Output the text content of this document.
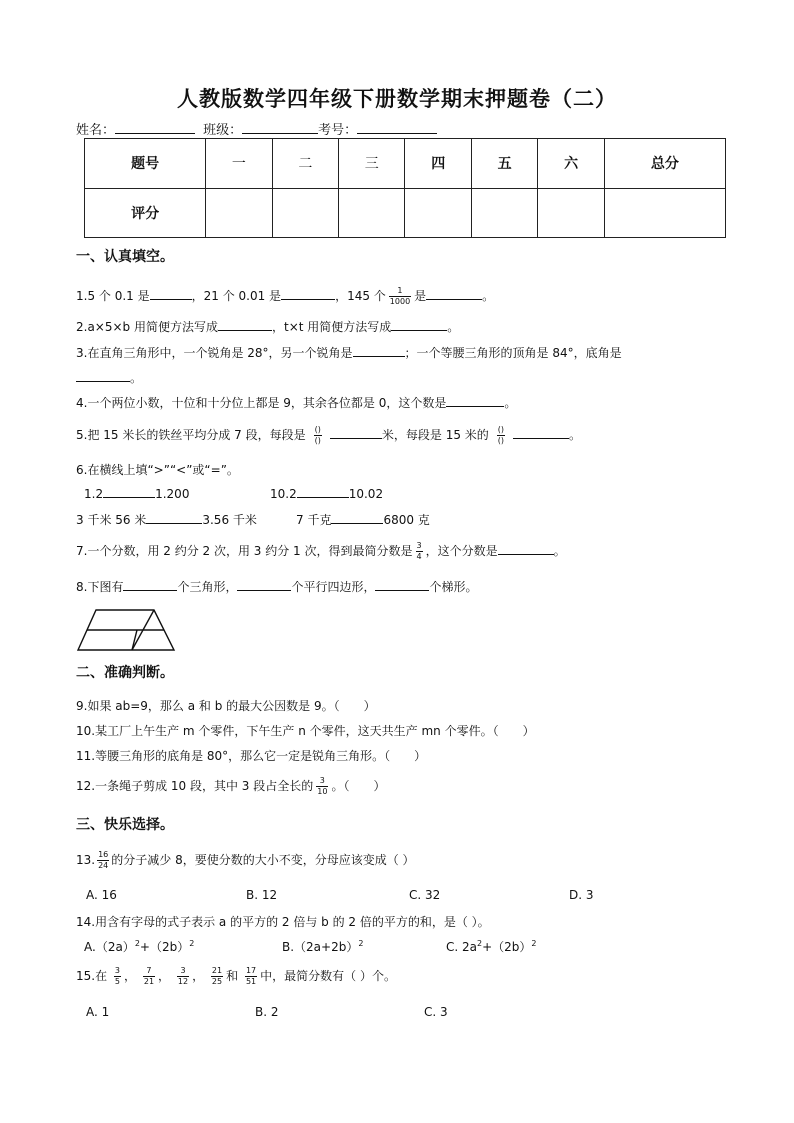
人教版数学四年级下册数学期末押题卷（二）
姓名：	班级：	考号：
题号	一	二	三	四	五	六	总分
评分							
一、认真填空。
1.5 个 0.1 是	，21 个 0.01 是	，145 个 $\frac{1}{1000}$ 是	。
2.a×5×b 用简便方法写成	，t×t 用简便方法写成	。
3.在直角三角形中，一个锐角是 28°，另一个锐角是	；一个等腰三角形的顶角是 84°，底角是
。
4.一个两位小数，十位和十分位上都是 9，其余各位都是 0，这个数是	。
5.把 15 米长的铁丝平均分成 7 段，每段是 $\frac{()}{()}$	米，每段是 15 米的 $\frac{()}{()}$	。
6.在横线上填“>”“<”或“=”。
1.2	1.200	10.2	10.02
3 千米 56 米	3.56 千米	7 千克	6800 克
7.一个分数，用 2 约分 2 次，用 3 约分 1 次，得到最简分数是 $\frac{3}{4}$ ，这个分数是	。
8.下图有	个三角形，	个平行四边形，	个梯形。
二、准确判断。
9.如果 ab=9，那么 a 和 b 的最大公因数是 9。（　　）
10.某工厂上午生产 m 个零件，下午生产 n 个零件，这天共生产 mn 个零件。（　　）
11.等腰三角形的底角是 80°，那么它一定是锐角三角形。（　　）
12.一条绳子剪成 10 段，其中 3 段占全长的 $\frac{3}{10}$ 。（　　）
三、快乐选择。
13. $\frac{16}{24}$ 的分子减少 8，要使分数的大小不变，分母应该变成（ ）
A. 16	B. 12	C. 32	D. 3
14.用含有字母的式子表示 a 的平方的 2 倍与 b 的 2 倍的平方的和，是（ ）。
$A.(2a)^2+(2b)^2$	$B.(2a+2b)^2$	C. $2a^2+(2b)^2$
15.在 $\frac{3}{5}$ ， $\frac{7}{21}$ ， $\frac{3}{12}$ ， $\frac{21}{25}$ 和 $\frac{17}{51}$ 中，最简分数有（ ）个。
A. 1	B. 2	C. 3
